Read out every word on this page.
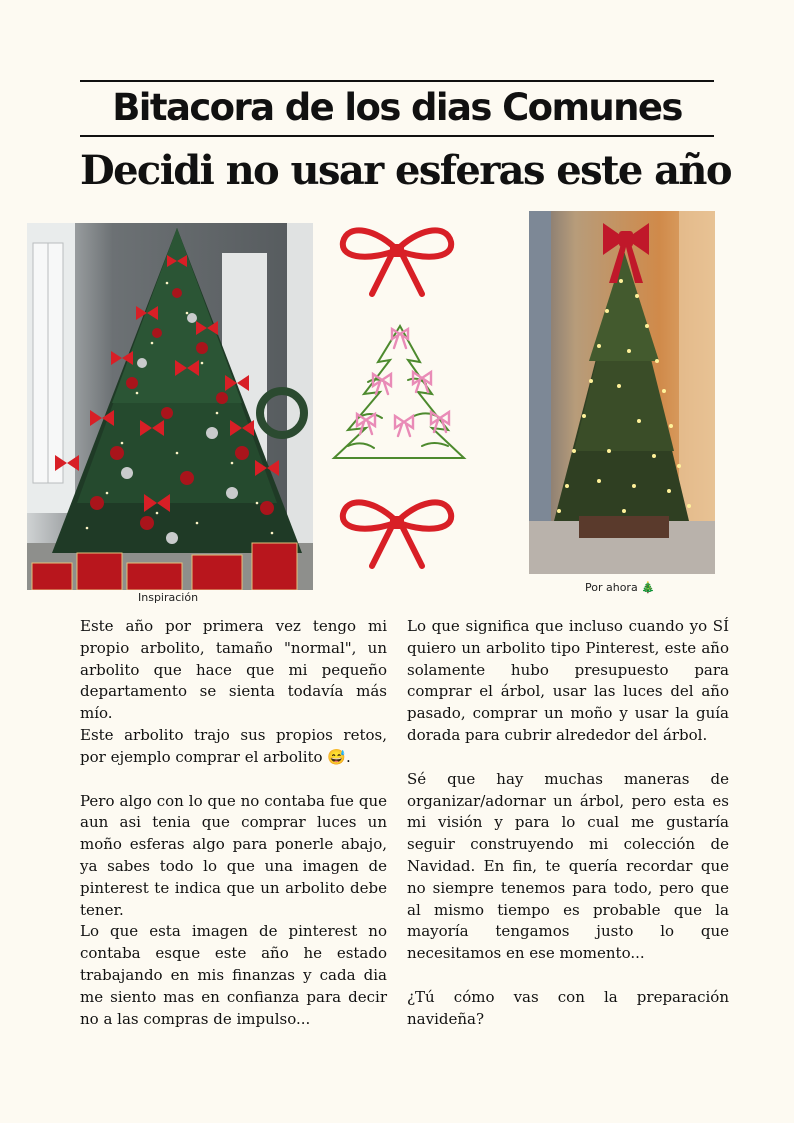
Bitacora de los dias Comunes
Decidi no usar esferas este año
Inspiración
Por ahora 🎄

Este año por primera vez tengo mi propio arbolito, tamaño "normal", un arbolito que hace que mi pequeño departamento se sienta todavía más mío.

Este arbolito trajo sus propios retos, por ejemplo comprar el arbolito 😅.

Pero algo con lo que no contaba fue que aun asi tenia que comprar luces un moño esferas algo para ponerle abajo, ya sabes todo lo que una imagen de pinterest te indica que un arbolito debe tener.

Lo que esta imagen de pinterest no contaba esque este año he estado trabajando en mis finanzas y cada dia me siento mas en confianza para decir no a las compras de impulso...

Lo que significa que incluso cuando yo SÍ quiero un arbolito tipo Pinterest, este año solamente hubo presupuesto para comprar el árbol, usar las luces del año pasado, comprar un moño y usar la guía dorada para cubrir alrededor del árbol.

Sé que hay muchas maneras de organizar/adornar un árbol, pero esta es mi visión y para lo cual me gustaría seguir construyendo mi colección de Navidad. En fin, te quería recordar que no siempre tenemos para todo, pero que al mismo tiempo es probable que la mayoría tengamos justo lo que necesitamos en ese momento...

¿Tú cómo vas con la preparación navideña?
